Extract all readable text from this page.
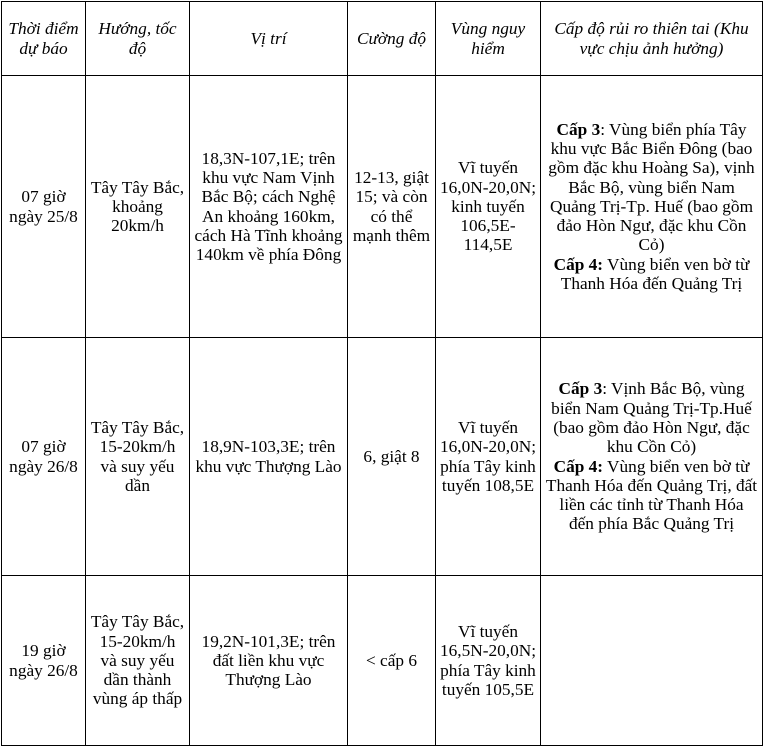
Thời điểm dự báo	Hướng, tốc độ	Vị trí	Cường độ	Vùng nguy hiểm	Cấp độ rủi ro thiên tai (Khu vực chịu ảnh hưởng)
07 giờ ngày 25/8	Tây Tây Bắc, khoảng 20km/h	18,3N-107,1E; trên khu vực Nam Vịnh Bắc Bộ; cách Nghệ An khoảng 160km, cách Hà Tĩnh khoảng 140km về phía Đông	12-13, giật 15; và còn có thể mạnh thêm	Vĩ tuyến 16,0N-20,0N; kinh tuyến 106,5E-114,5E	Cấp 3: Vùng biển phía Tây khu vực Bắc Biển Đông (bao gồm đặc khu Hoàng Sa), vịnh Bắc Bộ, vùng biển Nam Quảng Trị-Tp. Huế (bao gồm đảo Hòn Ngư, đặc khu Cồn Cỏ)
Cấp 4: Vùng biển ven bờ từ Thanh Hóa đến Quảng Trị

07 giờ ngày 26/8	Tây Tây Bắc, 15-20km/h và suy yếu dần	18,9N-103,3E; trên khu vực Thượng Lào	6, giật 8	Vĩ tuyến 16,0N-20,0N; phía Tây kinh tuyến 108,5E	Cấp 3: Vịnh Bắc Bộ, vùng biển Nam Quảng Trị-Tp.Huế (bao gồm đảo Hòn Ngư, đặc khu Cồn Cỏ)
Cấp 4: Vùng biển ven bờ từ Thanh Hóa đến Quảng Trị, đất liền các tỉnh từ Thanh Hóa đến phía Bắc Quảng Trị

19 giờ ngày 26/8	Tây Tây Bắc, 15-20km/h và suy yếu dần thành vùng áp thấp	19,2N-101,3E; trên đất liền khu vực Thượng Lào	< cấp 6	Vĩ tuyến 16,5N-20,0N; phía Tây kinh tuyến 105,5E	
